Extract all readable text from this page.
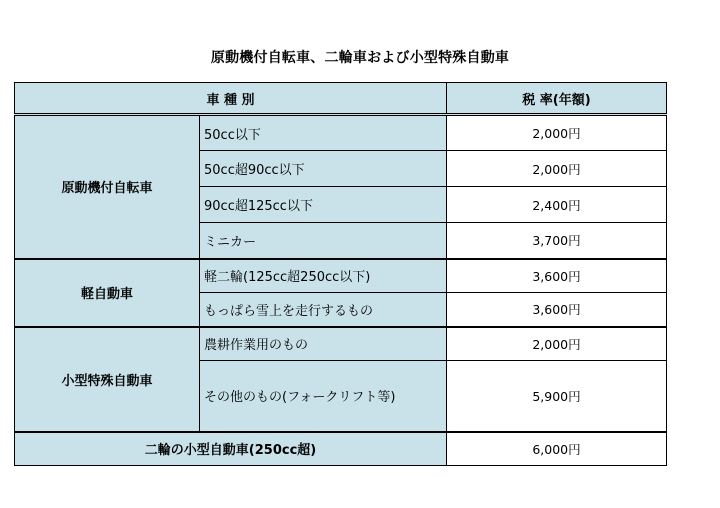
原動機付自転車、二輪車および小型特殊自動車
車 種 別		税 率(年額)
原動機付自転車	50cc以下	2,000円
	50cc超90cc以下	2,000円
	90cc超125cc以下	2,400円
	ミニカー	3,700円
軽自動車	軽二輪(125cc超250cc以下)	3,600円
	もっぱら雪上を走行するもの	3,600円
小型特殊自動車	農耕作業用のもの	2,000円
	その他のもの(フォークリフト等)	5,900円
二輪の小型自動車(250cc超)		6,000円
